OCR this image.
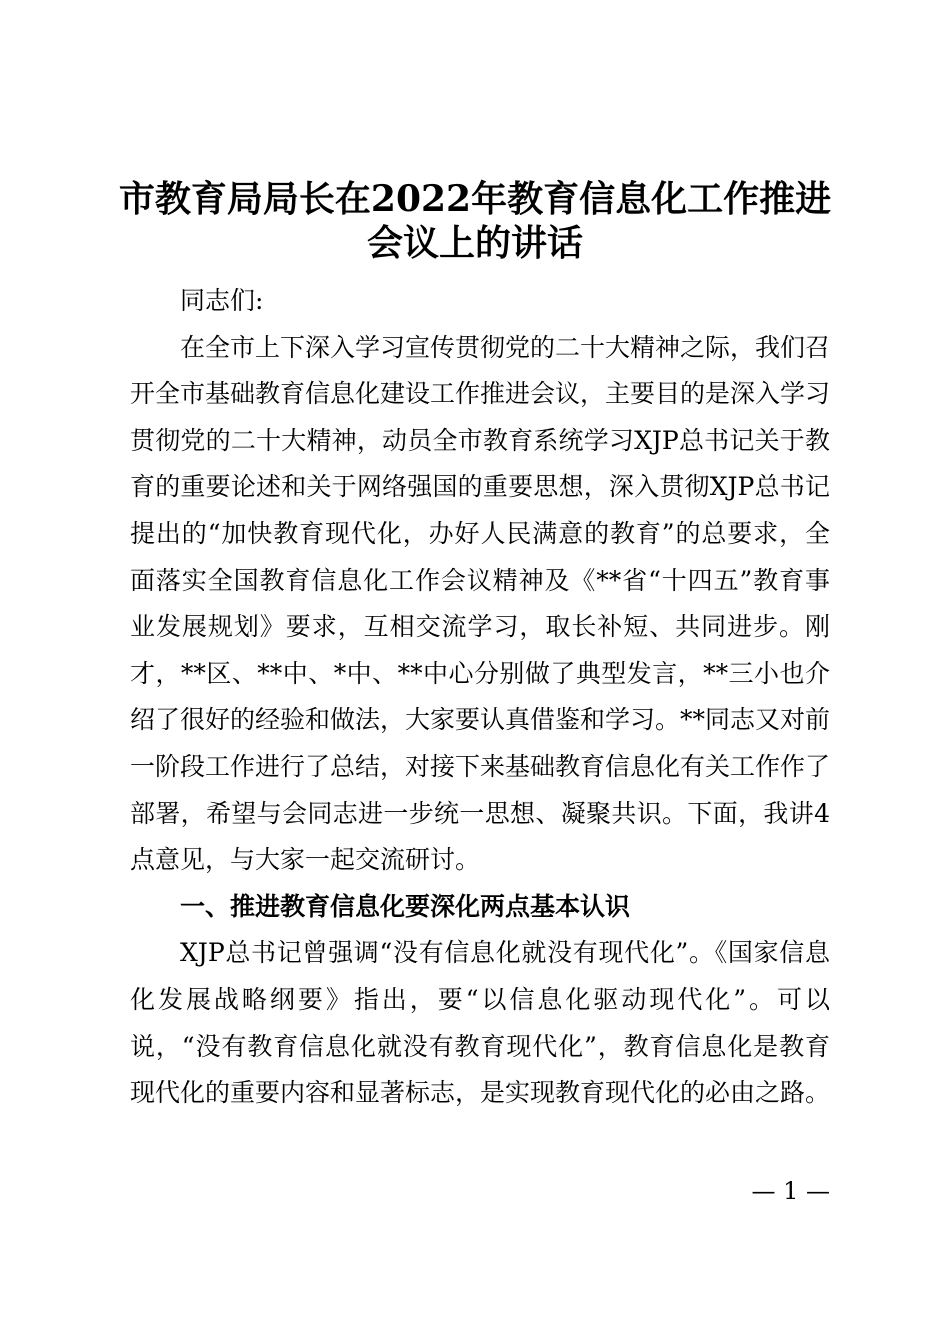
市教育局局长在2022年教育信息化工作推进
会议上的讲话

同志们:

在全市上下深入学习宣传贯彻党的二十大精神之际，我们召开全市基础教育信息化建设工作推进会议，主要目的是深入学习贯彻党的二十大精神，动员全市教育系统学习XJP总书记关于教育的重要论述和关于网络强国的重要思想，深入贯彻XJP总书记提出的“加快教育现代化，办好人民满意的教育”的总要求，全面落实全国教育信息化工作会议精神及《**省“十四五”教育事业发展规划》要求，互相交流学习，取长补短、共同进步。刚才，**区、**中、*中、**中心分别做了典型发言，**三小也介绍了很好的经验和做法，大家要认真借鉴和学习。**同志又对前一阶段工作进行了总结，对接下来基础教育信息化有关工作作了部署，希望与会同志进一步统一思想、凝聚共识。下面，我讲4点意见，与大家一起交流研讨。

一、推进教育信息化要深化两点基本认识

XJP总书记曾强调“没有信息化就没有现代化”。《国家信息化发展战略纲要》指出，要“以信息化驱动现代化”。可以说，“没有教育信息化就没有教育现代化”，教育信息化是教育现代化的重要内容和显著标志，是实现教育现代化的必由之路。

— 1 —
